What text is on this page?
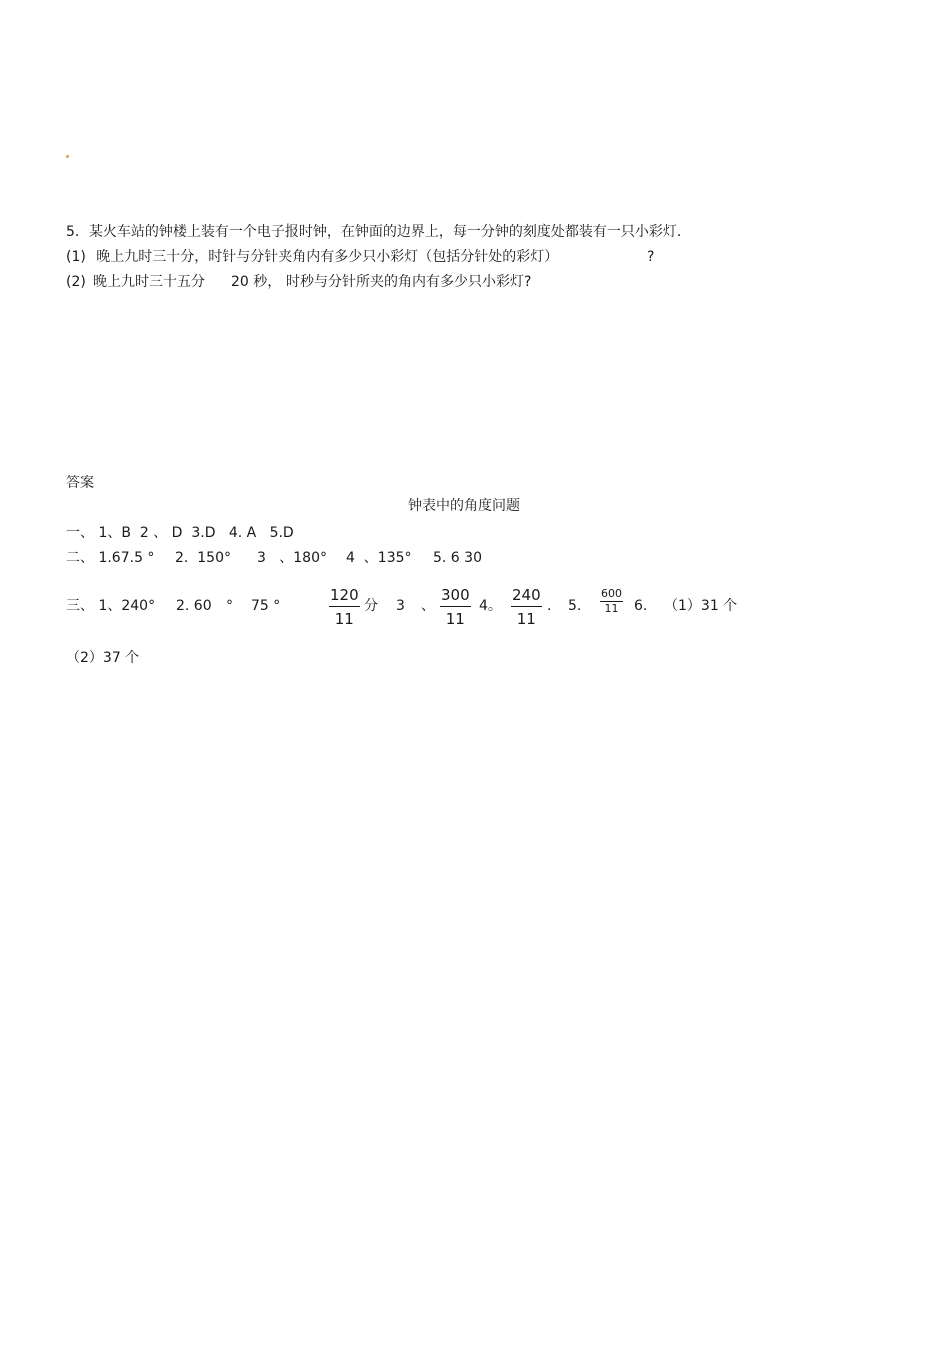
5．某火车站的钟楼上装有一个电子报时钟，在钟面的边界上，每一分钟的刻度处都装有一只小彩灯．
(1) 晚上九时三十分，时针与分针夹角内有多少只小彩灯（包括分针处的彩灯）	?
(2) 晚上九时三十五分 20 秒， 时秒与分针所夹的角内有多少只小彩灯?
答案
钟表中的角度问题
一、 1、B  2 、 D  3.D   4. A   5.D
二、 1.67.5 ° 2.  150° 3   、180° 4  、135° 5. 6 30
三、 1、240° 2. 60 ° 75 °	$\frac{120}{11}$ 分 3 、 $\frac{300}{11} 4$。 $\frac{240}{11}$ . 5. $\frac{600}{11} 6$. （1）31 个
（2）37 个
